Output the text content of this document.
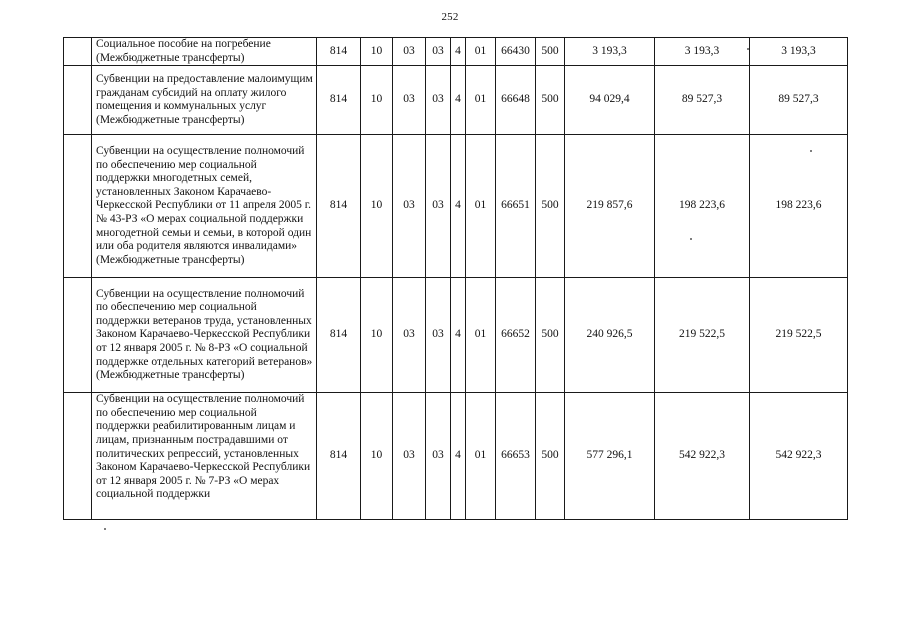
252
	Социальное пособие на погребение (Межбюджетные трансферты)	814	10	03	03	4	01	66430	500	3 193,3	3 193,3	3 193,3
	Субвенции на предоставление малоимущим гражданам субсидий на оплату жилого помещения и коммунальных услуг (Межбюджетные трансферты)	814	10	03	03	4	01	66648	500	94 029,4	89 527,3	89 527,3
	Субвенции на осуществление полномочий по обеспечению мер социальной поддержки многодетных семей, установленных Законом Карачаево-Черкесской Республики от 11 апреля 2005 г. № 43-РЗ «О мерах социальной поддержки многодетной семьи и семьи, в которой один или оба родителя являются инвалидами» (Межбюджетные трансферты)	814	10	03	03	4	01	66651	500	219 857,6	198 223,6	198 223,6
	Субвенции на осуществление полномочий по обеспечению мер социальной поддержки ветеранов труда, установленных Законом Карачаево-Черкесской Республики от 12 января 2005 г. № 8-РЗ «О социальной поддержке отдельных категорий ветеранов» (Межбюджетные трансферты)	814	10	03	03	4	01	66652	500	240 926,5	219 522,5	219 522,5
	Субвенции на осуществление полномочий по обеспечению мер социальной поддержки реабилитированным лицам и лицам, признанным пострадавшими от политических репрессий, установленных Законом Карачаево-Черкесской Республики от 12 января 2005 г. № 7-РЗ «О мерах социальной поддержки	814	10	03	03	4	01	66653	500	577 296,1	542 922,3	542 922,3
